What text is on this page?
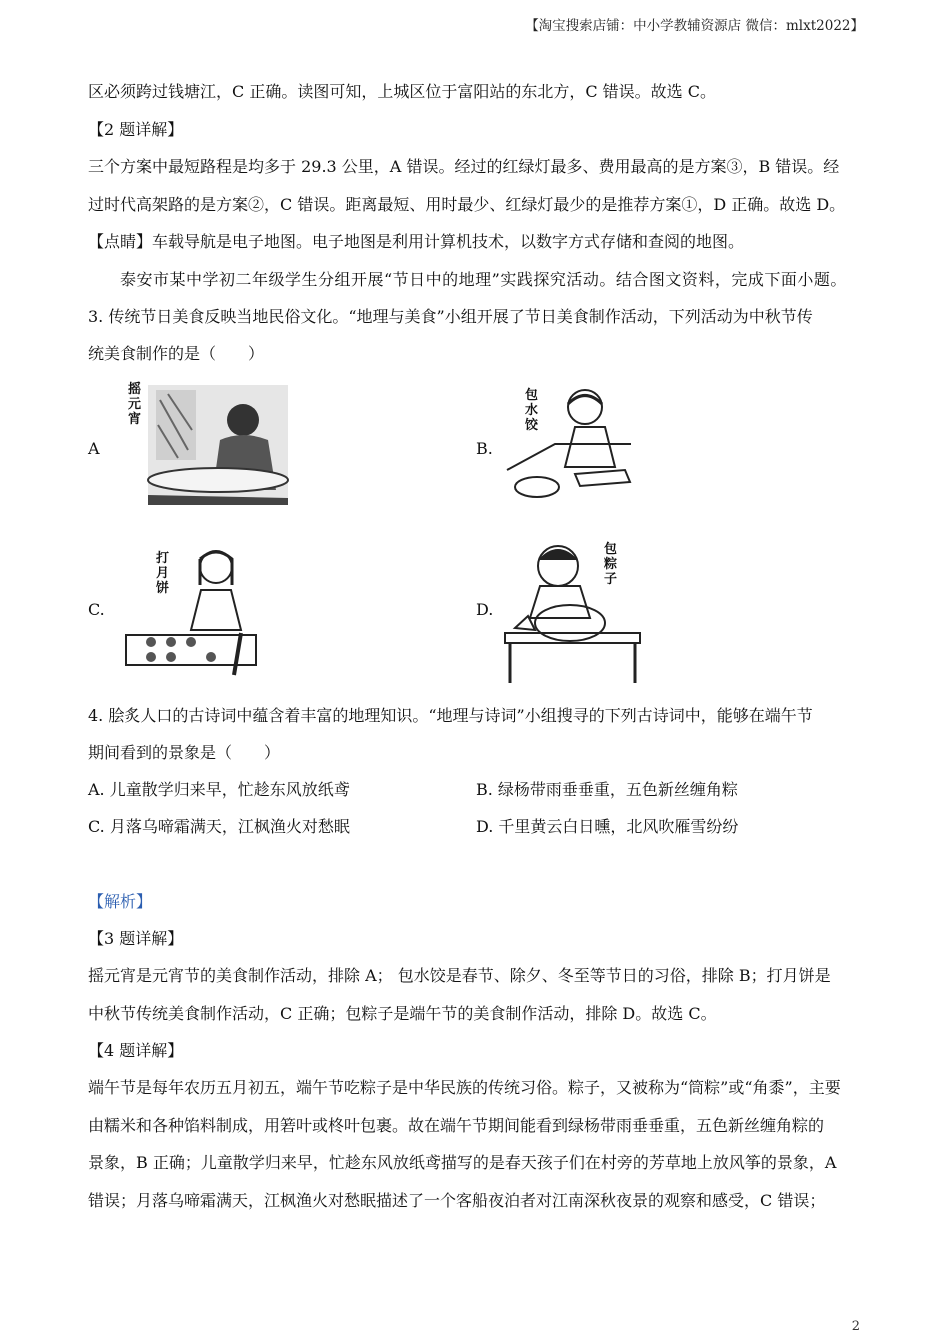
【淘宝搜索店铺：中小学教辅资源店 微信：mlxt2022】
区必须跨过钱塘江，C 正确。读图可知，上城区位于富阳站的东北方，C 错误。故选 C。
【2 题详解】
三个方案中最短路程是均多于 29.3 公里，A 错误。经过的红绿灯最多、费用最高的是方案③，B 错误。经
过时代高架路的是方案②，C 错误。距离最短、用时最少、红绿灯最少的是推荐方案①，D 正确。故选 D。
【点睛】车载导航是电子地图。电子地图是利用计算机技术，以数字方式存储和查阅的地图。
泰安市某中学初二年级学生分组开展“节日中的地理”实践探究活动。结合图文资料，完成下面小题。
3. 传统节日美食反映当地民俗文化。“地理与美食”小组开展了节日美食制作活动，下列活动为中秋节传
统美食制作的是（　　）
A
摇元宵
B.
包水饺
C.
打月饼
D.
包粽子
4. 脍炙人口的古诗词中蕴含着丰富的地理知识。“地理与诗词”小组搜寻的下列古诗词中，能够在端午节
期间看到的景象是（　　）
A. 儿童散学归来早，忙趁东风放纸鸢	B. 绿杨带雨垂垂重，五色新丝缠角粽
C. 月落乌啼霜满天，江枫渔火对愁眠	D. 千里黄云白日曛，北风吹雁雪纷纷
【解析】
【3 题详解】
摇元宵是元宵节的美食制作活动，排除 A； 包水饺是春节、除夕、冬至等节日的习俗，排除 B；打月饼是
中秋节传统美食制作活动，C 正确；包粽子是端午节的美食制作活动，排除 D。故选 C。
【4 题详解】
端午节是每年农历五月初五，端午节吃粽子是中华民族的传统习俗。粽子，又被称为“筒粽”或“角黍”，主要
由糯米和各种馅料制成，用箬叶或柊叶包裹。故在端午节期间能看到绿杨带雨垂垂重，五色新丝缠角粽的
景象，B 正确；儿童散学归来早，忙趁东风放纸鸢描写的是春天孩子们在村旁的芳草地上放风筝的景象，A
错误；月落乌啼霜满天，江枫渔火对愁眠描述了一个客船夜泊者对江南深秋夜景的观察和感受，C 错误；
2
